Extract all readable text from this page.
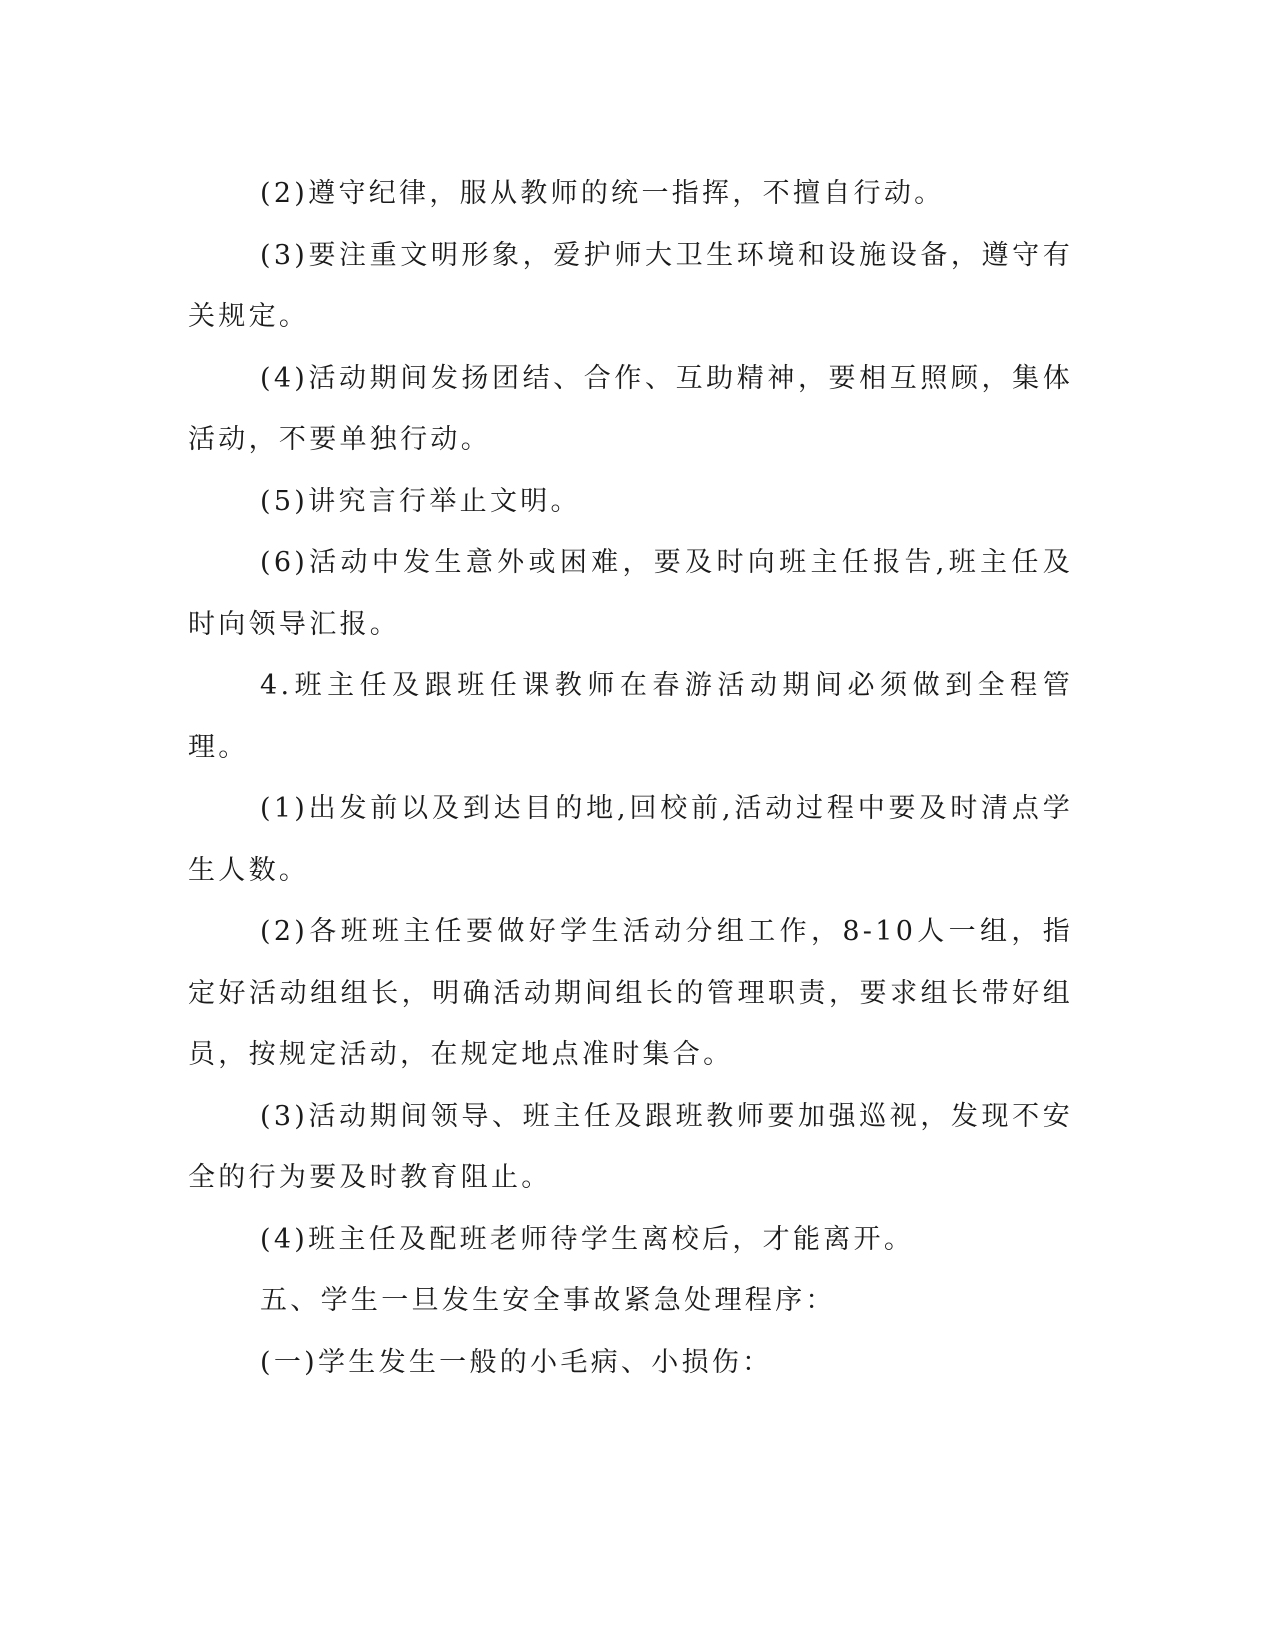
(2)遵守纪律，服从教师的统一指挥，不擅自行动。

(3)要注重文明形象，爱护师大卫生环境和设施设备，遵守有关规定。

(4)活动期间发扬团结、合作、互助精神，要相互照顾，集体活动，不要单独行动。

(5)讲究言行举止文明。

(6)活动中发生意外或困难，要及时向班主任报告,班主任及时向领导汇报。

4.班主任及跟班任课教师在春游活动期间必须做到全程管理。

(1)出发前以及到达目的地,回校前,活动过程中要及时清点学生人数。

(2)各班班主任要做好学生活动分组工作，8-10人一组，指定好活动组组长，明确活动期间组长的管理职责，要求组长带好组员，按规定活动，在规定地点准时集合。

(3)活动期间领导、班主任及跟班教师要加强巡视，发现不安全的行为要及时教育阻止。

(4)班主任及配班老师待学生离校后，才能离开。

五、学生一旦发生安全事故紧急处理程序：

(一)学生发生一般的小毛病、小损伤：
